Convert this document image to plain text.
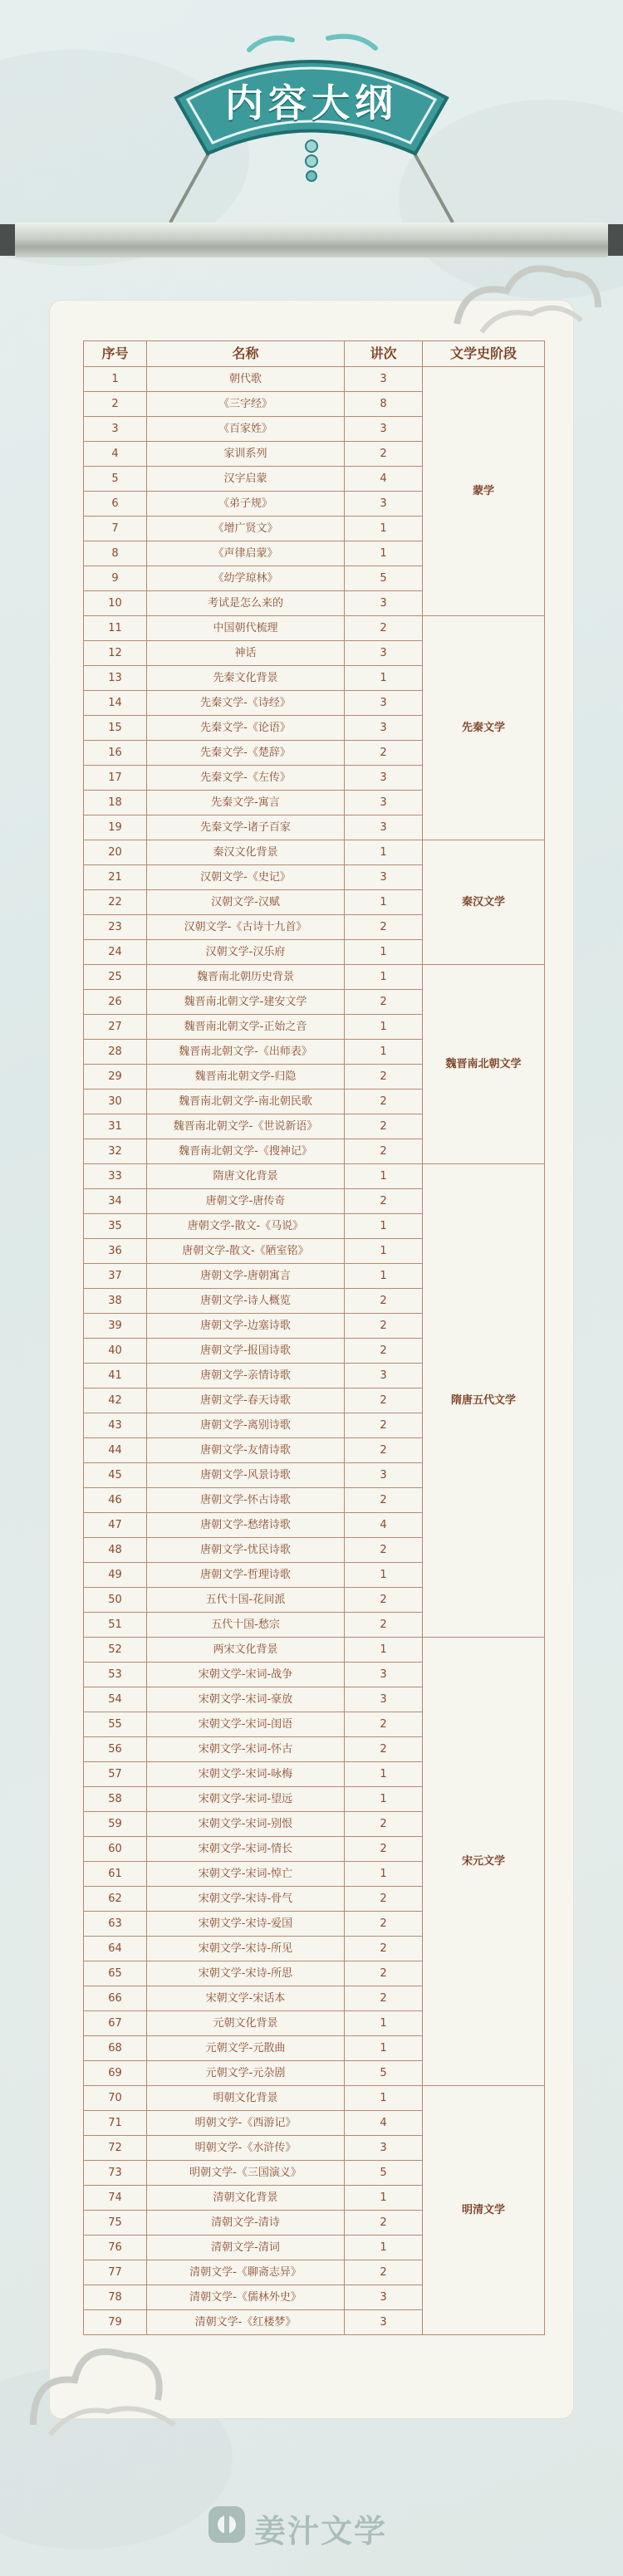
内容大纲
序号	名称	讲次	文学史阶段
1	朝代歌	3	蒙学
2	《三字经》	8	
3	《百家姓》	3	
4	家训系列	2	
5	汉字启蒙	4	
6	《弟子规》	3	
7	《增广贤文》	1	
8	《声律启蒙》	1	
9	《幼学琼林》	5	
10	考试是怎么来的	3	
11	中国朝代梳理	2	先秦文学
12	神话	3	
13	先秦文化背景	1	
14	先秦文学-《诗经》	3	
15	先秦文学-《论语》	3	
16	先秦文学-《楚辞》	2	
17	先秦文学-《左传》	3	
18	先秦文学-寓言	3	
19	先秦文学-诸子百家	3	
20	秦汉文化背景	1	秦汉文学
21	汉朝文学-《史记》	3	
22	汉朝文学-汉赋	1	
23	汉朝文学-《古诗十九首》	2	
24	汉朝文学-汉乐府	1	
25	魏晋南北朝历史背景	1	魏晋南北朝文学
26	魏晋南北朝文学-建安文学	2	
27	魏晋南北朝文学-正始之音	1	
28	魏晋南北朝文学-《出师表》	1	
29	魏晋南北朝文学-归隐	2	
30	魏晋南北朝文学-南北朝民歌	2	
31	魏晋南北朝文学-《世说新语》	2	
32	魏晋南北朝文学-《搜神记》	2	
33	隋唐文化背景	1	隋唐五代文学
34	唐朝文学-唐传奇	2	
35	唐朝文学-散文-《马说》	1	
36	唐朝文学-散文-《陋室铭》	1	
37	唐朝文学-唐朝寓言	1	
38	唐朝文学-诗人概览	2	
39	唐朝文学-边塞诗歌	2	
40	唐朝文学-报国诗歌	2	
41	唐朝文学-亲情诗歌	3	
42	唐朝文学-春天诗歌	2	
43	唐朝文学-离别诗歌	2	
44	唐朝文学-友情诗歌	2	
45	唐朝文学-风景诗歌	3	
46	唐朝文学-怀古诗歌	2	
47	唐朝文学-愁绪诗歌	4	
48	唐朝文学-忧民诗歌	2	
49	唐朝文学-哲理诗歌	1	
50	五代十国-花间派	2	
51	五代十国-愁宗	2	
52	两宋文化背景	1	宋元文学
53	宋朝文学-宋词-战争	3	
54	宋朝文学-宋词-豪放	3	
55	宋朝文学-宋词-闺语	2	
56	宋朝文学-宋词-怀古	2	
57	宋朝文学-宋词-咏梅	1	
58	宋朝文学-宋词-望远	1	
59	宋朝文学-宋词-别恨	2	
60	宋朝文学-宋词-情长	2	
61	宋朝文学-宋词-悼亡	1	
62	宋朝文学-宋诗-骨气	2	
63	宋朝文学-宋诗-爱国	2	
64	宋朝文学-宋诗-所见	2	
65	宋朝文学-宋诗-所思	2	
66	宋朝文学-宋话本	2	
67	元朝文化背景	1	
68	元朝文学-元散曲	1	
69	元朝文学-元杂剧	5	
70	明朝文化背景	1	明清文学
71	明朝文学-《西游记》	4	
72	明朝文学-《水浒传》	3	
73	明朝文学-《三国演义》	5	
74	清朝文化背景	1	
75	清朝文学-清诗	2	
76	清朝文学-清词	1	
77	清朝文学-《聊斋志异》	2	
78	清朝文学-《儒林外史》	3	
79	清朝文学-《红楼梦》	3	
姜汁文学
